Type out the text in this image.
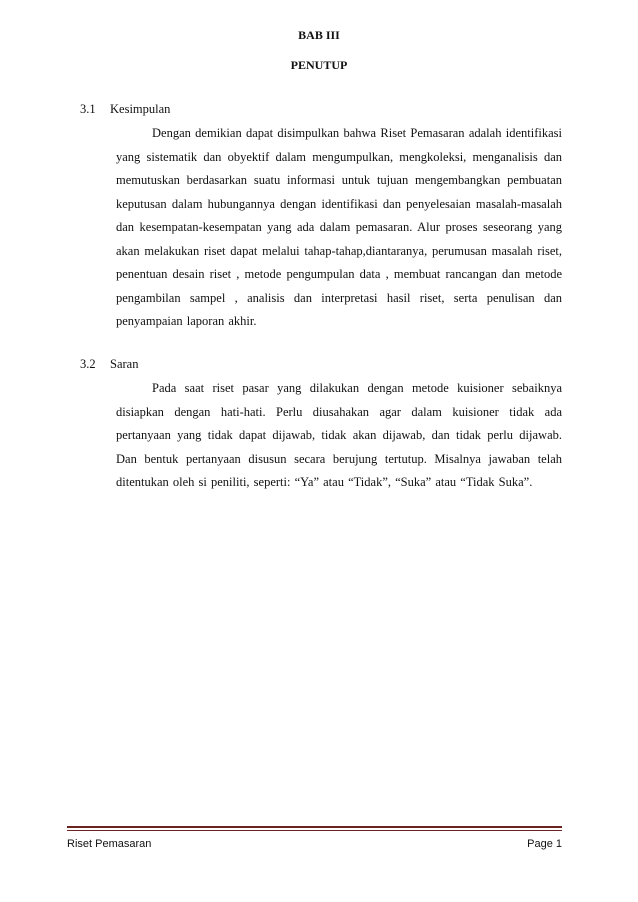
BAB III
PENUTUP
3.1 Kesimpulan
Dengan demikian dapat disimpulkan bahwa Riset Pemasaran adalah identifikasi yang sistematik dan obyektif dalam mengumpulkan, mengkoleksi, menganalisis dan memutuskan berdasarkan suatu informasi untuk tujuan mengembangkan pembuatan keputusan dalam hubungannya dengan identifikasi dan penyelesaian masalah-masalah dan kesempatan-kesempatan yang ada dalam pemasaran. Alur proses seseorang yang akan melakukan riset dapat melalui tahap-tahap,diantaranya, perumusan masalah riset, penentuan desain riset , metode pengumpulan data , membuat rancangan dan metode pengambilan sampel , analisis dan interpretasi hasil riset, serta penulisan dan penyampaian laporan akhir.
3.2 Saran
Pada saat riset pasar yang dilakukan dengan metode kuisioner sebaiknya disiapkan dengan hati-hati. Perlu diusahakan agar dalam kuisioner tidak ada pertanyaan yang tidak dapat dijawab, tidak akan dijawab, dan tidak perlu dijawab. Dan bentuk pertanyaan disusun secara berujung tertutup. Misalnya jawaban telah ditentukan oleh si peniliti, seperti: “Ya” atau “Tidak”, “Suka” atau “Tidak Suka”.
Riset Pemasaran	Page 1
